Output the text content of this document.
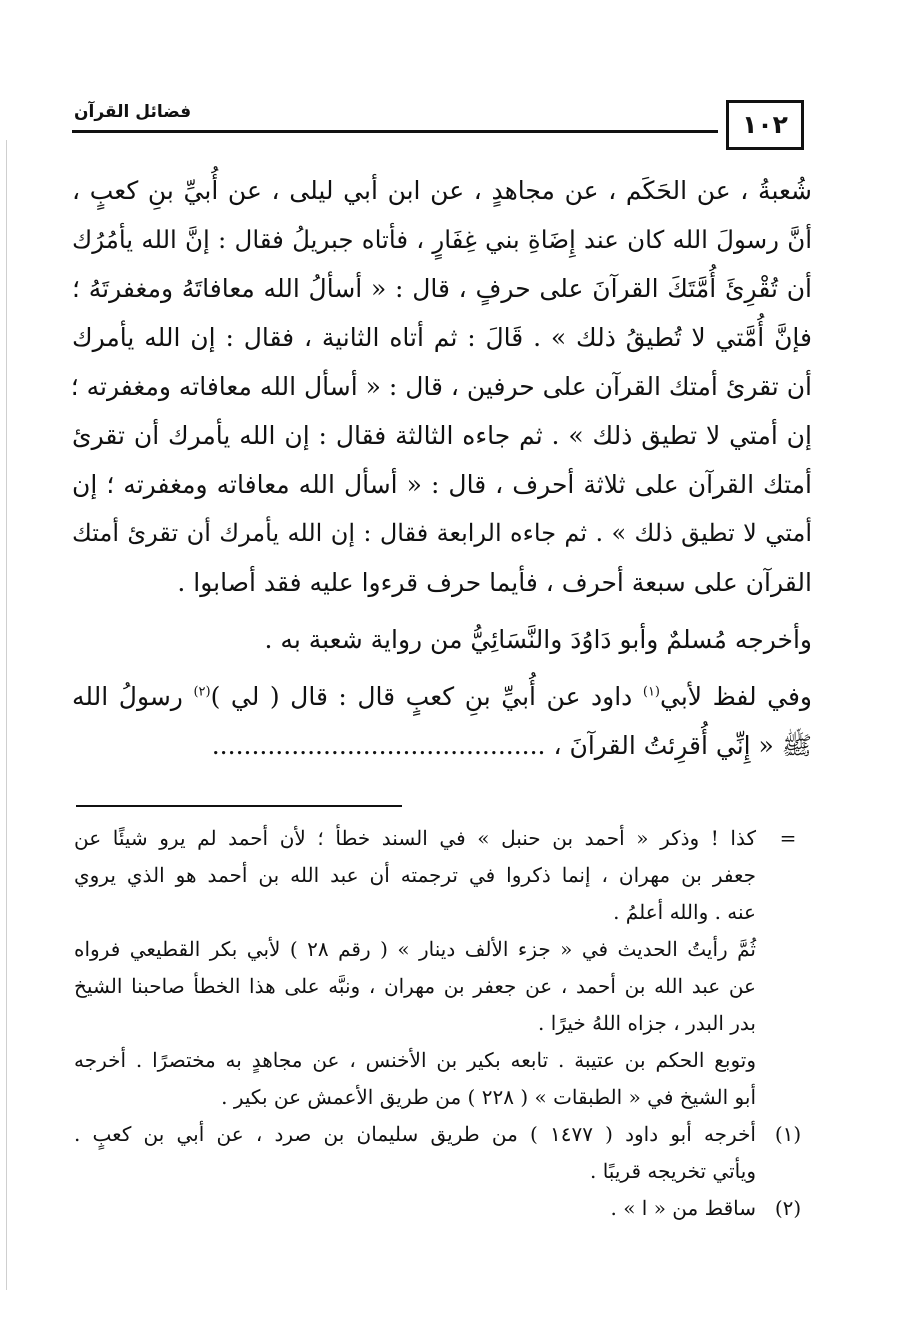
١٠٢
فضائل القرآن
شُعبةُ ، عن الحَكَم ، عن مجاهدٍ ، عن ابن أبي ليلى ، عن أُبيِّ بنِ كعبٍ ،
أنَّ رسولَ الله كان عند إِضَاةِ بني غِفَارٍ ، فأتاه جبريلُ فقال : إنَّ الله يأمُرُك
أن تُقْرِئَ أُمَّتَكَ القرآنَ على حرفٍ ، قال : « أسألُ الله معافاتَهُ ومغفرتَهُ ؛
فإنَّ أُمَّتي لا تُطيقُ ذلك » . قَالَ : ثم أتاه الثانية ، فقال : إن الله يأمرك
أن تقرئ أمتك القرآن على حرفين ، قال : « أسأل الله معافاته ومغفرته ؛
إن أمتي لا تطيق ذلك » . ثم جاءه الثالثة فقال : إن الله يأمرك أن تقرئ
أمتك القرآن على ثلاثة أحرف ، قال : « أسأل الله معافاته ومغفرته ؛ إن
أمتي لا تطيق ذلك » . ثم جاءه الرابعة فقال : إن الله يأمرك أن تقرئ أمتك
القرآن على سبعة أحرف ، فأيما حرف قرءوا عليه فقد أصابوا .
وأخرجه مُسلمٌ وأبو دَاوُدَ والنَّسَائِيُّ من رواية شعبة به .
وفي لفظ لأبي$^{(١)}$ داود عن أُبيِّ بنِ كعبٍ قال : قال ( لي )$^{(٢)}$ رسولُ الله
ﷺ « إِنِّي أُقرِئتُ القرآنَ ، ..........................................
=
كذا ! وذكر « أحمد بن حنبل » في السند خطأ ؛ لأن أحمد لم يرو شيئًا عن
جعفر بن مهران ، إنما ذكروا في ترجمته أن عبد الله بن أحمد هو الذي يروي
عنه . والله أعلمُ .
ثُمَّ رأيتُ الحديث في « جزء الألف دينار » ( رقم ٢٨ ) لأبي بكر القطيعي فرواه
عن عبد الله بن أحمد ، عن جعفر بن مهران ، ونبَّه على هذا الخطأ صاحبنا الشيخ
بدر البدر ، جزاه اللهُ خيرًا .
وتوبع الحكم بن عتيبة . تابعه بكير بن الأخنس ، عن مجاهدٍ به مختصرًا . أخرجه
أبو الشيخ في « الطبقات » ( ٢٢٨ ) من طريق الأعمش عن بكير .
(١)
أخرجه أبو داود ( ١٤٧٧ ) من طريق سليمان بن صرد ، عن أبي بن كعبٍ .
ويأتي تخريجه قريبًا .
(٢)
ساقط من « ا » .
